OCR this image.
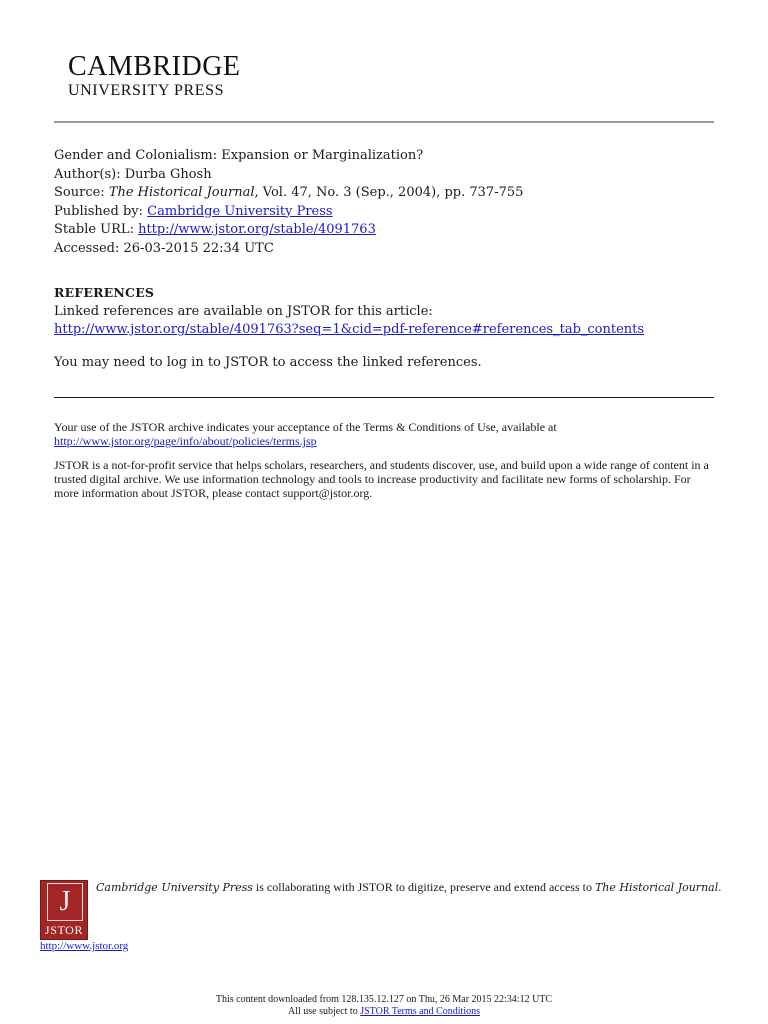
CAMBRIDGE
UNIVERSITY PRESS
Gender and Colonialism: Expansion or Marginalization?
Author(s): Durba Ghosh
Source: The Historical Journal, Vol. 47, No. 3 (Sep., 2004), pp. 737-755
Published by: Cambridge University Press
Stable URL: http://www.jstor.org/stable/4091763
Accessed: 26-03-2015 22:34 UTC
REFERENCES
Linked references are available on JSTOR for this article:
http://www.jstor.org/stable/4091763?seq=1&cid=pdf-reference#references_tab_contents
You may need to log in to JSTOR to access the linked references.

Your use of the JSTOR archive indicates your acceptance of the Terms & Conditions of Use, available at
http://www.jstor.org/page/info/about/policies/terms.jsp

JSTOR is a not-for-profit service that helps scholars, researchers, and students discover, use, and build upon a wide range of content in a trusted digital archive. We use information technology and tools to increase productivity and facilitate new forms of scholarship. For more information about JSTOR, please contact support@jstor.org.

J
JSTOR
http://www.jstor.org
Cambridge University Press is collaborating with JSTOR to digitize, preserve and extend access to The Historical Journal.
This content downloaded from 128.135.12.127 on Thu, 26 Mar 2015 22:34:12 UTC
All use subject to JSTOR Terms and Conditions
